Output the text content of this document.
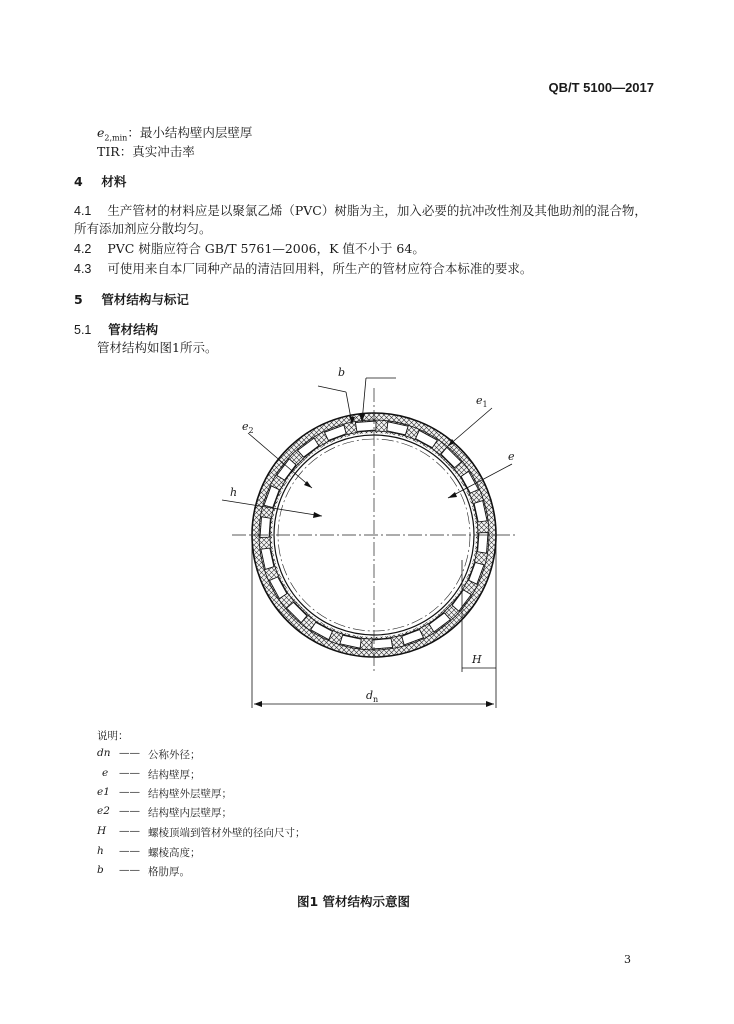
QB/T 5100—2017
$e_{2,min}$：最小结构壁内层壁厚
TIR：真实冲击率
4 材料
4.1 生产管材的材料应是以聚氯乙烯（PVC）树脂为主，加入必要的抗冲改性剂及其他助剂的混合物，
所有添加剂应分散均匀。
4.2 PVC 树脂应符合 GB/T 5761—2006，K 值不小于 64。
4.3 可使用来自本厂同种产品的清洁回用料，所生产的管材应符合本标准的要求。
5 管材结构与标记
5.1 管材结构
管材结构如图1所示。
b
$e_1$
$e_2$
e
h
H
$d_n$
说明：
dn —— 公称外径；
e —— 结构壁厚；
e1 —— 结构壁外层壁厚；
e2 —— 结构壁内层壁厚；
H —— 螺棱顶端到管材外壁的径向尺寸；
h —— 螺棱高度；
b —— 格肋厚。
图1 管材结构示意图
3
